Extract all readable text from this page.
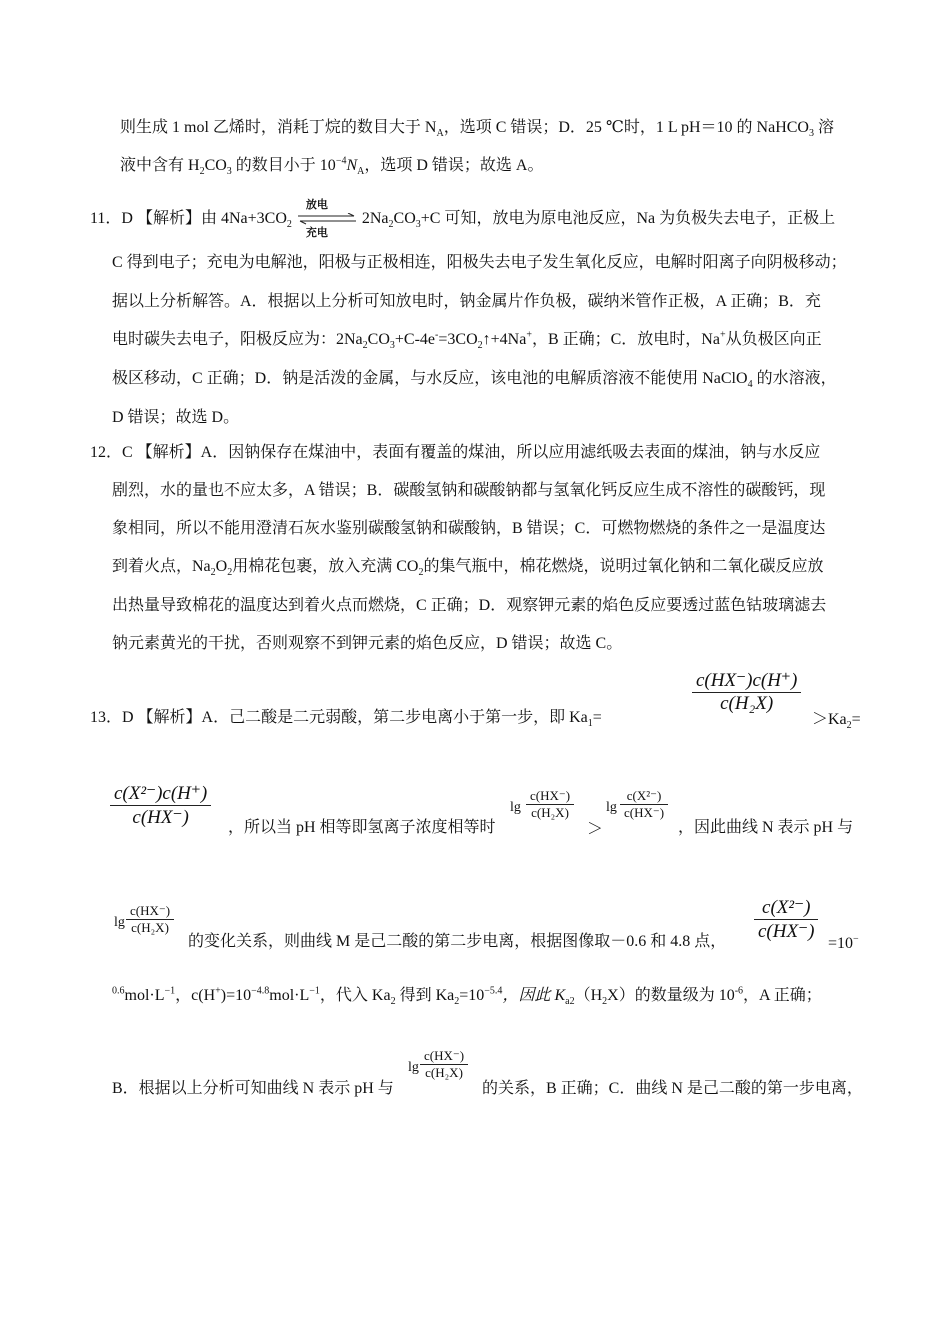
则生成 1 mol 乙烯时，消耗丁烷的数目大于 $N_A$，选项 C 错误；D．25 ℃时，1 L pH＝10 的 NaHCO$_3$ 溶
液中含有 $H_2CO_3$ 的数目小于 $10^{-4}N_A$，选项 D 错误；故选 A。
11．D 【解析】由 $4Na+3CO_2$
放电
充电
$2Na_2CO_3+C$ 可知，放电为原电池反应，Na 为负极失去电子，正极上
C 得到电子；充电为电解池，阳极与正极相连，阳极失去电子发生氧化反应，电解时阳离子向阴极移动；
据以上分析解答。A．根据以上分析可知放电时，钠金属片作负极，碳纳米管作正极，A 正确；B．充
电时碳失去电子，阳极反应为：$2Na_2CO_3+C-4e^-=3CO_2↑+4Na^+$，B 正确；C．放电时，Na+从负极区向正
极区移动，C 正确；D．钠是活泼的金属，与水反应，该电池的电解质溶液不能使用 NaClO$_4$ 的水溶液，
D 错误；故选 D。
12．C 【解析】A．因钠保存在煤油中，表面有覆盖的煤油，所以应用滤纸吸去表面的煤油，钠与水反应
剧烈，水的量也不应太多，A 错误；B．碳酸氢钠和碳酸钠都与氢氧化钙反应生成不溶性的碳酸钙，现
象相同，所以不能用澄清石灰水鉴别碳酸氢钠和碳酸钠，B 错误；C．可燃物燃烧的条件之一是温度达
到着火点，$Na_2O_2$用棉花包裹，放入充满 $CO_2$的集气瓶中，棉花燃烧，说明过氧化钠和二氧化碳反应放
出热量导致棉花的温度达到着火点而燃烧，C 正确；D．观察钾元素的焰色反应要透过蓝色钴玻璃滤去
钠元素黄光的干扰，否则观察不到钾元素的焰色反应，D 错误；故选 C。
13．D 【解析】A．己二酸是二元弱酸，第二步电离小于第一步，即 $Ka_1=$
$\frac{c(HX^-)c(H^+)}{\text{c(H₂X)}}$
$>Ka_2=$
$\frac{\text{c(X²⁻)c(H⁺)}}{c(HX^-)}$ ，所以当 pH 相等即氢离子浓度相等时
$\lg \frac{c(HX^-)}{\text{c(H₂X)}}$
＞
$\lg \frac{\text{c(X²⁻)}}{c(HX^-)}$
，因此曲线 N 表示 pH 与
$\lg \frac{c(HX^-)}{\text{c(H₂X)}}$
的变化关系，则曲线 M 是己二酸的第二步电离，根据图像取－0.6 和 4.8 点， $\frac{\text{c(X²⁻)}}{c(HX^-)}$
=10−
$^{0.6}mol\cdot L^{-1}$，$c(H^+)=10^{-4.8}mol\cdot L^{-1}$，代入 $Ka_2$ 得到 $Ka_2=10^{-5.4}$，因此 $K_{a2}(H_2X)$的数量级为 $10^{-6}$，A 正确；
B．根据以上分析可知曲线 N 表示 pH 与
$\lg \frac{c(HX^-)}{\text{c(H₂X)}}$
的关系，B 正确；C．曲线 N 是己二酸的第一步电离，
